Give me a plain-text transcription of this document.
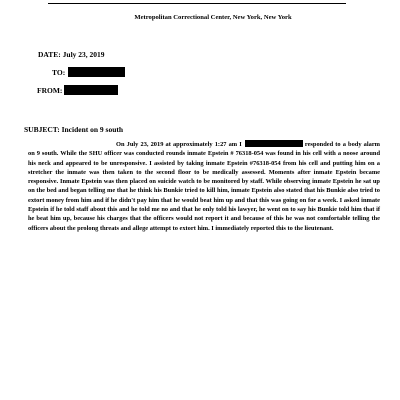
Metropolitan Correctional Center, New York, New York
DATE: July 23, 2019
TO:
FROM:
SUBJECT: Incident on 9 south

On July 23, 2019 at approximately 1:27 am I	responded to a body alarm on 9 south. While the SHU officer was conducted rounds inmate Epstein # 76318-054 was found in his cell with a noose around his neck and appeared to be unresponsive. I assisted by taking inmate Epstein #76318-054 from his cell and putting him on a stretcher the inmate was then taken to the second floor to be medically assessed. Moments after inmate Epstein became responsive. Inmate Epstein was then placed on suicide watch to be monitored by staff. While observing inmate Epstein he sat up on the bed and began telling me that he think his Bunkie tried to kill him, inmate Epstein also stated that his Bunkie also tried to extort money from him and if he didn't pay him that he would beat him up and that this was going on for a week. I asked inmate Epstein if he told staff about this and he told me no and that he only told his lawyer, he went on to say his Bunkie told him that if he beat him up, because his charges that the officers would not report it and because of this he was not comfortable telling the officers about the prolong threats and allege attempt to extort him. I immediately reported this to the lieutenant.
